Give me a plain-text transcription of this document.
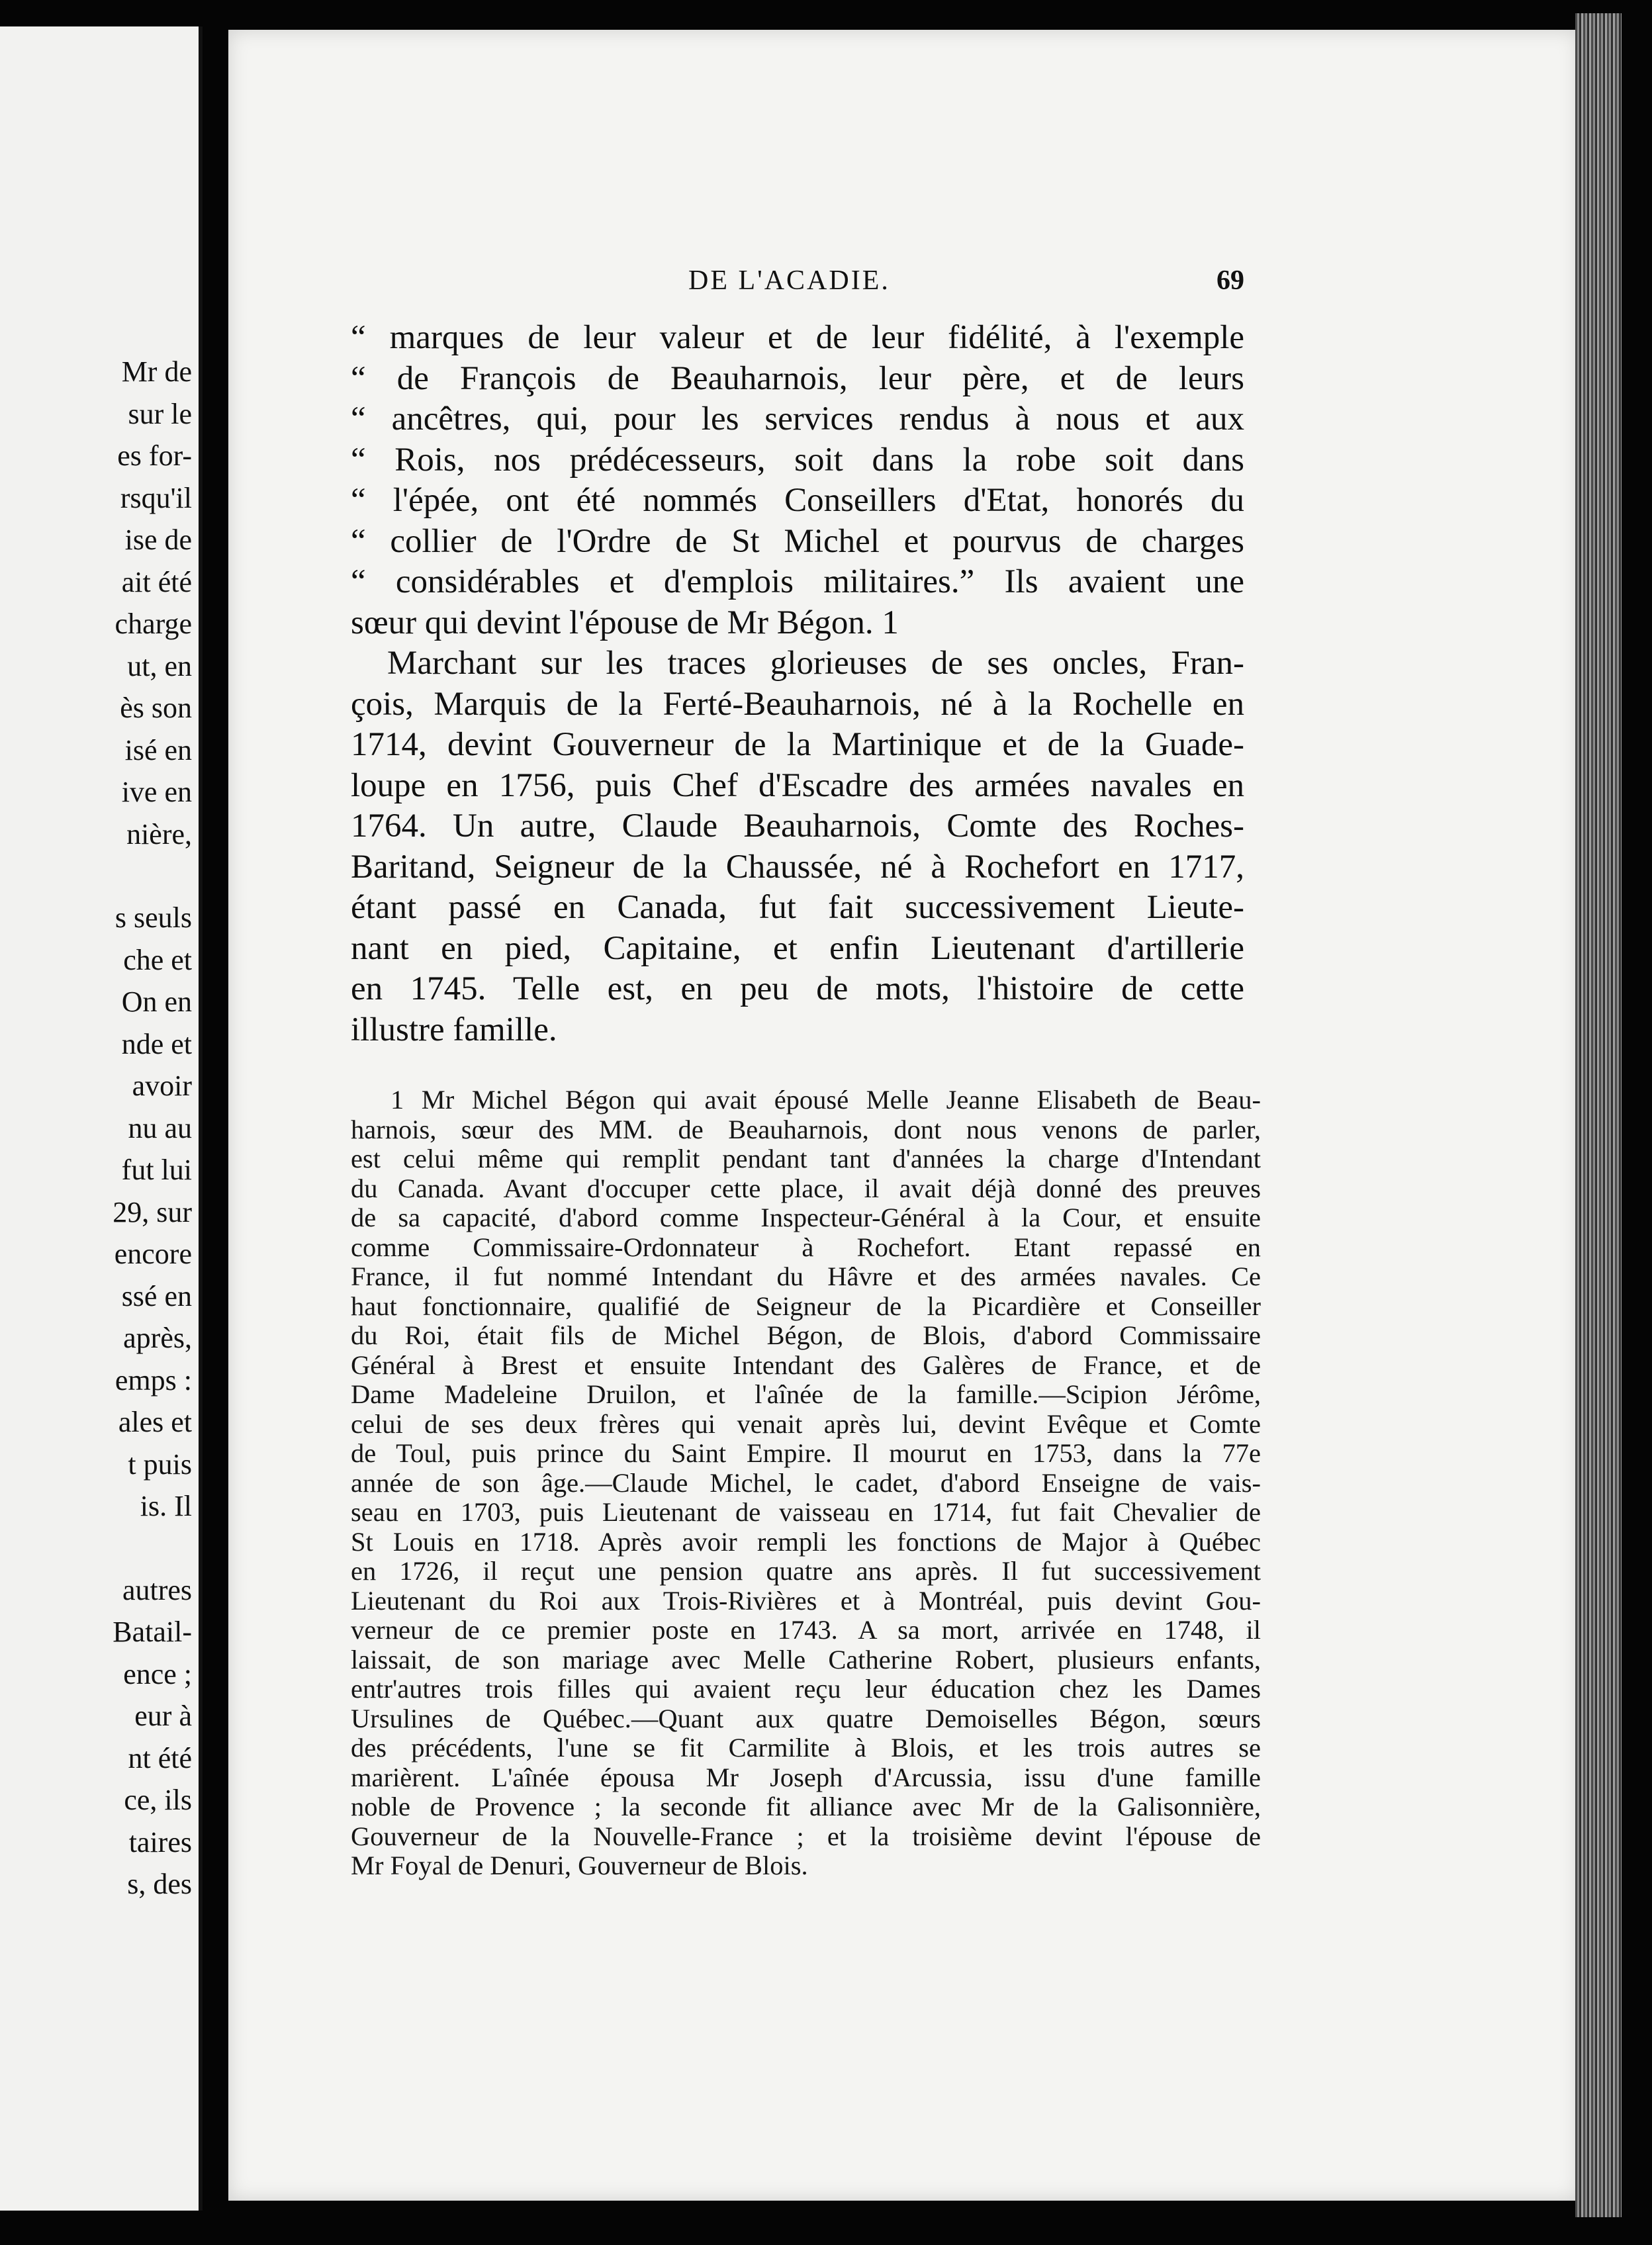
Mr de
sur le
es for-
rsqu'il
ise de
ait été
charge
ut, en
ès son
isé en
ive en
nière,
s seuls
che et
On en
nde et
avoir
nu au
fut lui
29, sur
encore
ssé en
après,
emps :
ales et
t puis
is. Il
autres
Batail-
ence ;
eur à
nt été
ce, ils
taires
s, des
DE L'ACADIE.	69
“ marques de leur valeur et de leur fidélité, à l'exemple
“ de François de Beauharnois, leur père, et de leurs
“ ancêtres, qui, pour les services rendus à nous et aux
“ Rois, nos prédécesseurs, soit dans la robe soit dans
“ l'épée, ont été nommés Conseillers d'Etat, honorés du
“ collier de l'Ordre de St Michel et pourvus de charges
“ considérables et d'emplois militaires.” Ils avaient une
sœur qui devint l'épouse de Mr Bégon. 1
Marchant sur les traces glorieuses de ses oncles, Fran-
çois, Marquis de la Ferté-Beauharnois, né à la Rochelle en
1714, devint Gouverneur de la Martinique et de la Guade-
loupe en 1756, puis Chef d'Escadre des armées navales en
1764. Un autre, Claude Beauharnois, Comte des Roches-
Baritand, Seigneur de la Chaussée, né à Rochefort en 1717,
étant passé en Canada, fut fait successivement Lieute-
nant en pied, Capitaine, et enfin Lieutenant d'artillerie
en 1745. Telle est, en peu de mots, l'histoire de cette
illustre famille.
1 Mr Michel Bégon qui avait épousé Melle Jeanne Elisabeth de Beau-
harnois, sœur des MM. de Beauharnois, dont nous venons de parler,
est celui même qui remplit pendant tant d'années la charge d'Intendant
du Canada. Avant d'occuper cette place, il avait déjà donné des preuves
de sa capacité, d'abord comme Inspecteur-Général à la Cour, et ensuite
comme Commissaire-Ordonnateur à Rochefort. Etant repassé en
France, il fut nommé Intendant du Hâvre et des armées navales. Ce
haut fonctionnaire, qualifié de Seigneur de la Picardière et Conseiller
du Roi, était fils de Michel Bégon, de Blois, d'abord Commissaire
Général à Brest et ensuite Intendant des Galères de France, et de
Dame Madeleine Druilon, et l'aînée de la famille.—Scipion Jérôme,
celui de ses deux frères qui venait après lui, devint Evêque et Comte
de Toul, puis prince du Saint Empire. Il mourut en 1753, dans la 77e
année de son âge.—Claude Michel, le cadet, d'abord Enseigne de vais-
seau en 1703, puis Lieutenant de vaisseau en 1714, fut fait Chevalier de
St Louis en 1718. Après avoir rempli les fonctions de Major à Québec
en 1726, il reçut une pension quatre ans après. Il fut successivement
Lieutenant du Roi aux Trois-Rivières et à Montréal, puis devint Gou-
verneur de ce premier poste en 1743. A sa mort, arrivée en 1748, il
laissait, de son mariage avec Melle Catherine Robert, plusieurs enfants,
entr'autres trois filles qui avaient reçu leur éducation chez les Dames
Ursulines de Québec.—Quant aux quatre Demoiselles Bégon, sœurs
des précédents, l'une se fit Carmilite à Blois, et les trois autres se
marièrent. L'aînée épousa Mr Joseph d'Arcussia, issu d'une famille
noble de Provence ; la seconde fit alliance avec Mr de la Galisonnière,
Gouverneur de la Nouvelle-France ; et la troisième devint l'épouse de
Mr Foyal de Denuri, Gouverneur de Blois.
